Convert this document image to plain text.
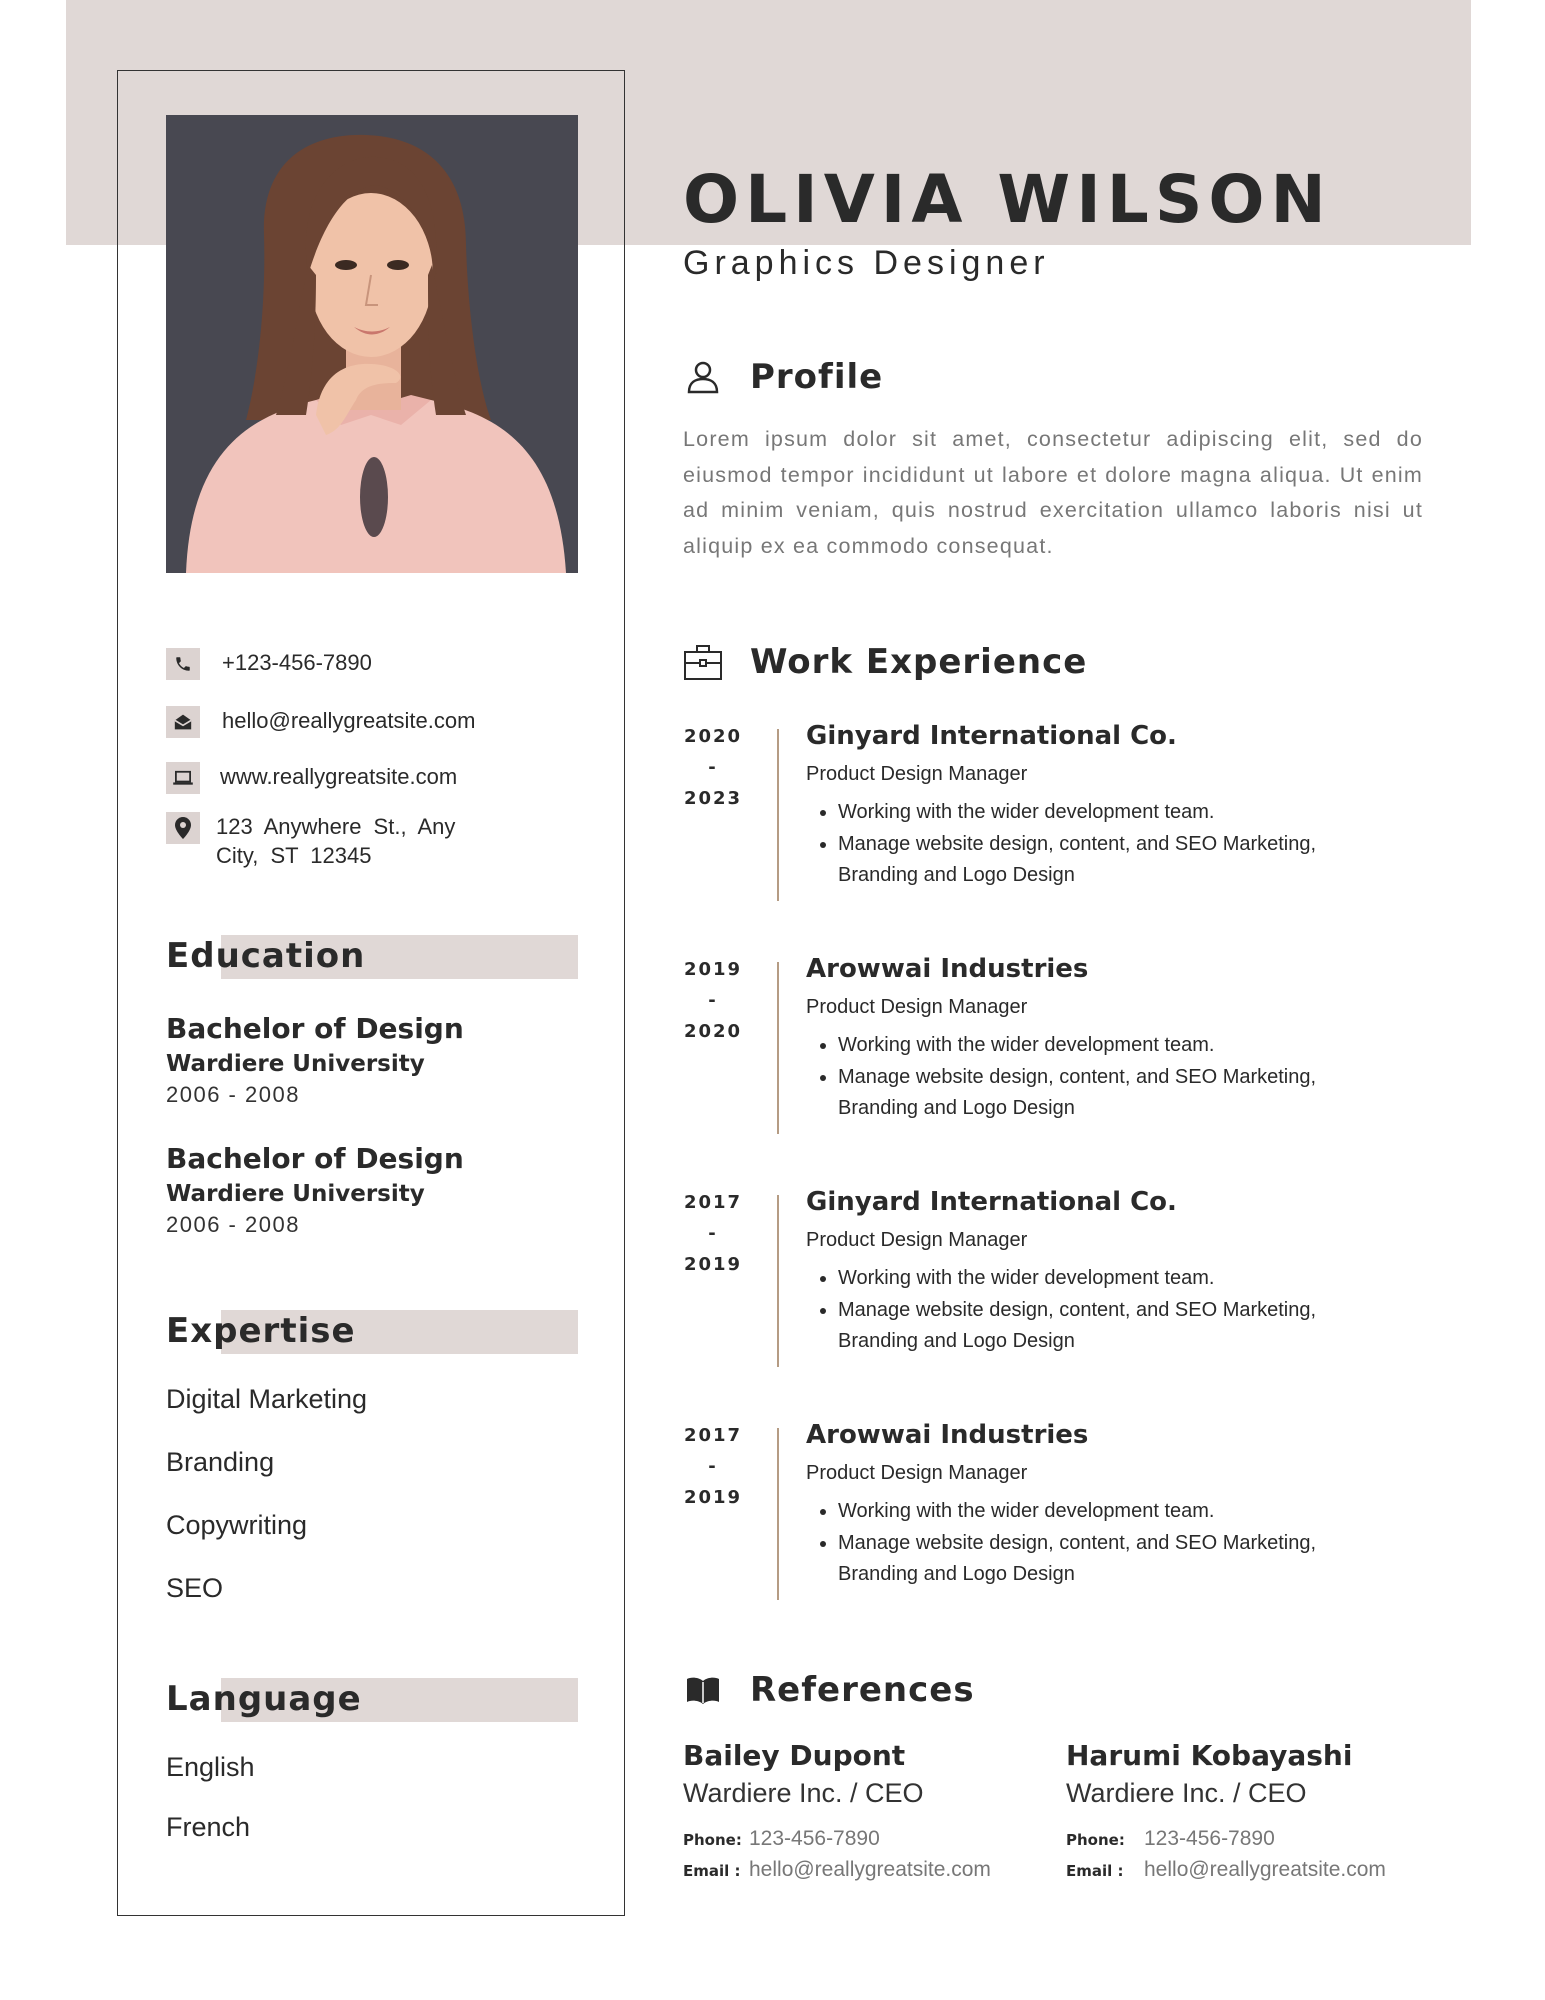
+123-456-7890
hello@reallygreatsite.com
www.reallygreatsite.com
123 Anywhere St., Any City, ST 12345
Education
Bachelor of Design
Wardiere University
2006 - 2008
Bachelor of Design
Wardiere University
2006 - 2008
Expertise
Digital Marketing
Branding
Copywriting
SEO
Language
English
French
OLIVIA WILSON
Graphics Designer
Profile
Lorem ipsum dolor sit amet, consectetur adipiscing elit, sed do eiusmod tempor incididunt ut labore et dolore magna aliqua. Ut enim ad minim veniam, quis nostrud exercitation ullamco laboris nisi ut aliquip ex ea commodo consequat.
Work Experience
2020
-
2023
Ginyard International Co.
Product Design Manager
• Working with the wider development team.
• Manage website design, content, and SEO Marketing, Branding and Logo Design
2019
-
2020
Arowwai Industries
Product Design Manager
• Working with the wider development team.
• Manage website design, content, and SEO Marketing, Branding and Logo Design
2017
-
2019
Ginyard International Co.
Product Design Manager
• Working with the wider development team.
• Manage website design, content, and SEO Marketing, Branding and Logo Design
2017
-
2019
Arowwai Industries
Product Design Manager
• Working with the wider development team.
• Manage website design, content, and SEO Marketing, Branding and Logo Design
References
Bailey Dupont
Wardiere Inc. / CEO
Phone: 123-456-7890
Email : hello@reallygreatsite.com
Harumi Kobayashi
Wardiere Inc. / CEO
Phone: 123-456-7890
Email : hello@reallygreatsite.com
